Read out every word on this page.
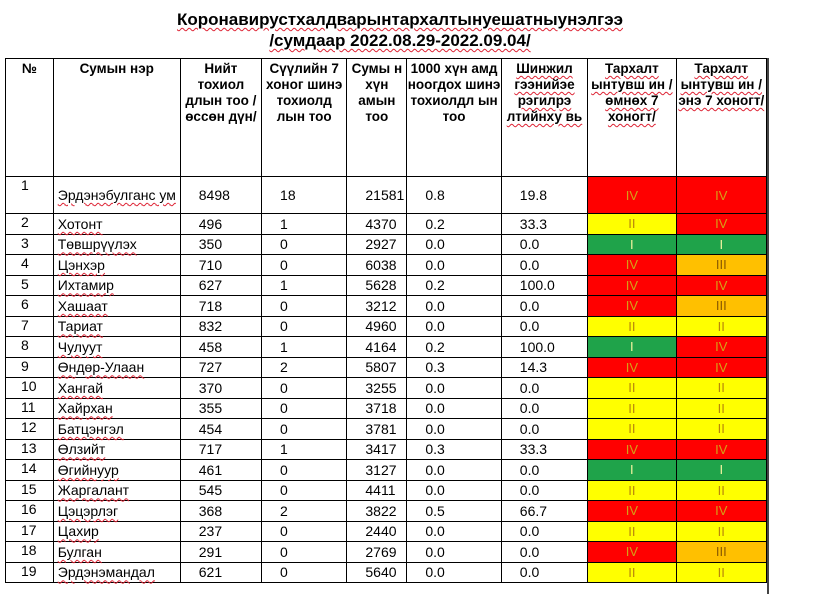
Коронавирустхалдварынтархалтынуешатныунэлгээ
/сумдаар 2022.08.29-2022.09.04/
№	Сумын нэр	Нийт тохиол длын тоо /өссөн дүн/	Сүүлийн 7 хоног шинэ тохиолд лын тоо	Сумы н хүн амын тоо	1000 хүн амд ноогдох шинэ тохиолдл ын тоо	Шинжил гээнийэе рэгилрэ лтийнху вь	Тархалт ынтувш ин /өмнөх 7 хоногт/	Тархалт ынтувш ин /энэ 7 хоногт/
1	Эрдэнэбулганс ум	8498	18	21581	0.8	19.8	IV	IV
2	Хотонт	496	1	4370	0.2	33.3	II	IV
3	Төвшрүүлэх	350	0	2927	0.0	0.0	I	I
4	Цэнхэр	710	0	6038	0.0	0.0	IV	III
5	Ихтамир	627	1	5628	0.2	100.0	IV	IV
6	Хашаат	718	0	3212	0.0	0.0	IV	III
7	Тариат	832	0	4960	0.0	0.0	II	II
8	Чулуут	458	1	4164	0.2	100.0	I	IV
9	Өндөр-Улаан	727	2	5807	0.3	14.3	IV	IV
10	Хангай	370	0	3255	0.0	0.0	II	II
11	Хайрхан	355	0	3718	0.0	0.0	II	II
12	Батцэнгэл	454	0	3781	0.0	0.0	II	II
13	Өлзийт	717	1	3417	0.3	33.3	IV	IV
14	Өгийнуур	461	0	3127	0.0	0.0	I	I
15	Жаргалант	545	0	4411	0.0	0.0	II	II
16	Цэцэрлэг	368	2	3822	0.5	66.7	IV	IV
17	Цахир	237	0	2440	0.0	0.0	II	II
18	Булган	291	0	2769	0.0	0.0	IV	III
19	Эрдэнэмандал	621	0	5640	0.0	0.0	II	II
